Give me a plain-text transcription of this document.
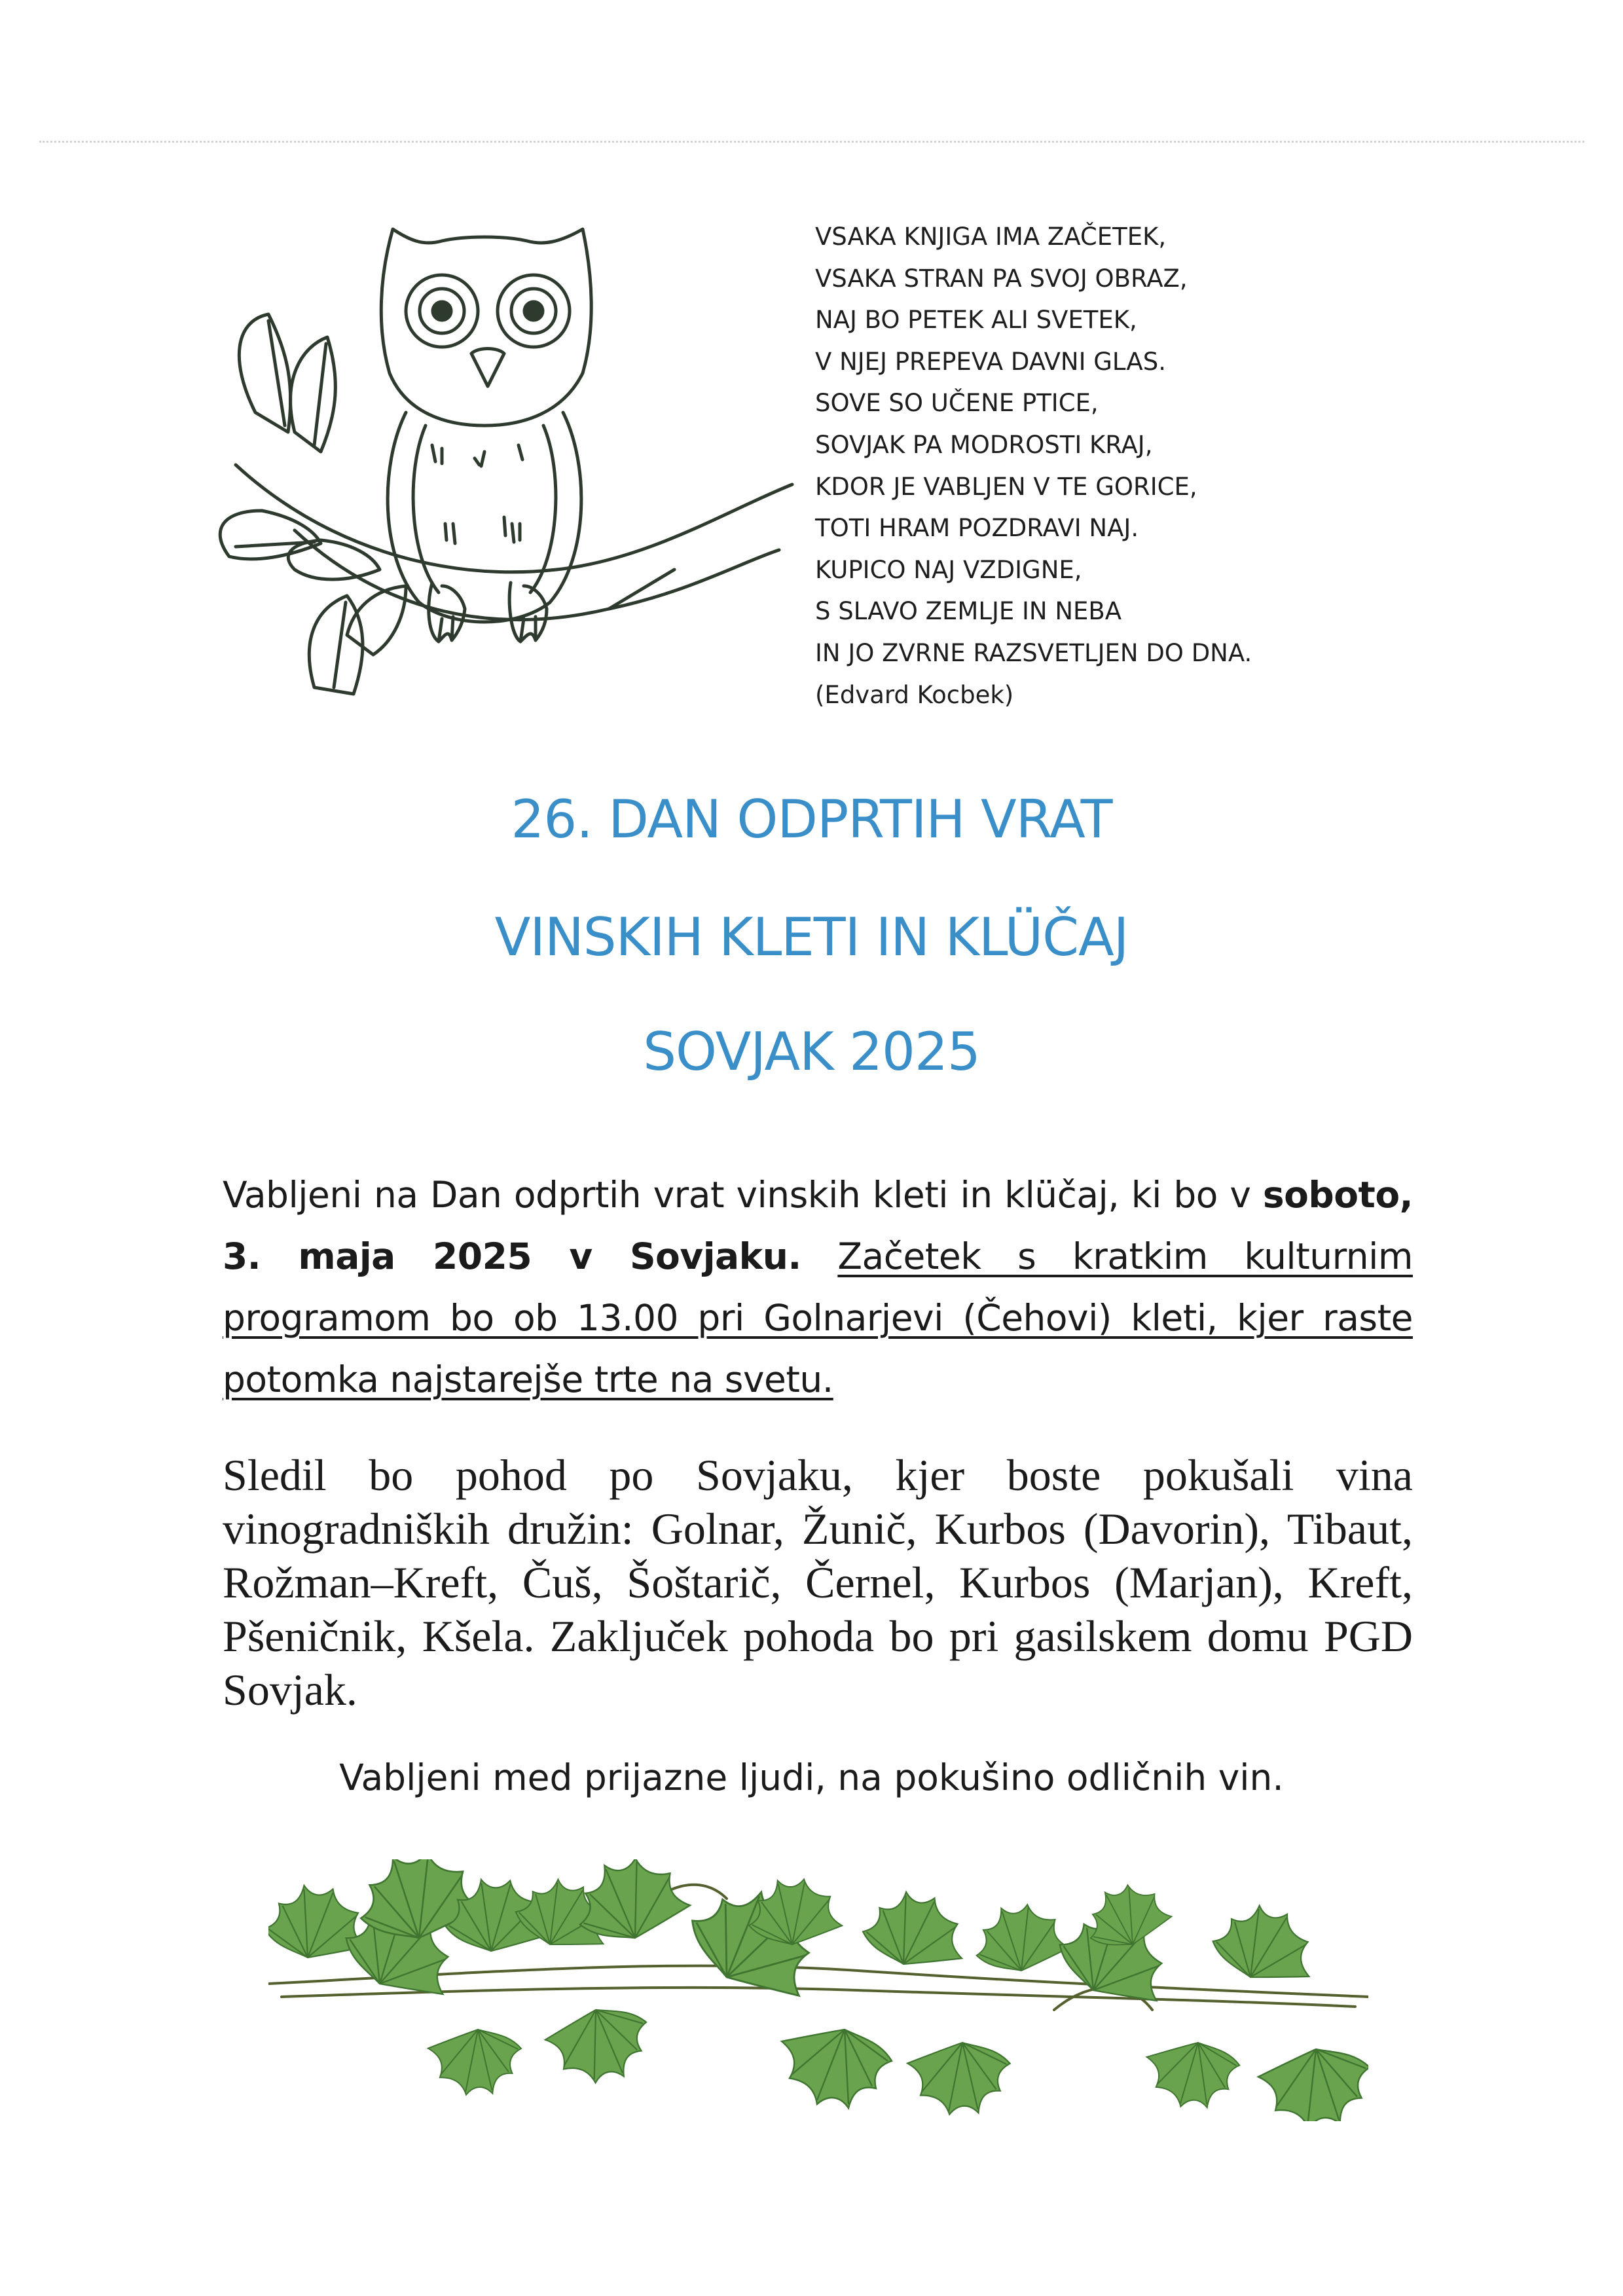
VSAKA KNJIGA IMA ZAČETEK,
VSAKA STRAN PA SVOJ OBRAZ,
NAJ BO PETEK ALI SVETEK,
V NJEJ PREPEVA DAVNI GLAS.
SOVE SO UČENE PTICE,
SOVJAK PA MODROSTI KRAJ,
KDOR JE VABLJEN V TE GORICE,
TOTI HRAM POZDRAVI NAJ.
KUPICO NAJ VZDIGNE,
S SLAVO ZEMLJE IN NEBA
IN JO ZVRNE RAZSVETLJEN DO DNA.
(Edvard Kocbek)
26. DAN ODPRTIH VRAT
VINSKIH KLETI IN KLÜČAJ
SOVJAK 2025
Vabljeni na Dan odprtih vrat vinskih kleti in klüčaj, ki bo v soboto, 3. maja 2025 v Sovjaku. Začetek s kratkim kulturnim programom bo ob 13.00 pri Golnarjevi (Čehovi) kleti, kjer raste potomka najstarejše trte na svetu.
Sledil bo pohod po Sovjaku, kjer boste pokušali vina vinogradniških družin: Golnar, Žunič, Kurbos (Davorin), Tibaut, Rožman–Kreft, Čuš, Šoštarič, Černel, Kurbos (Marjan), Kreft, Pšeničnik, Kšela. Zaključek pohoda bo pri gasilskem domu PGD Sovjak.
Vabljeni med prijazne ljudi, na pokušino odličnih vin.
